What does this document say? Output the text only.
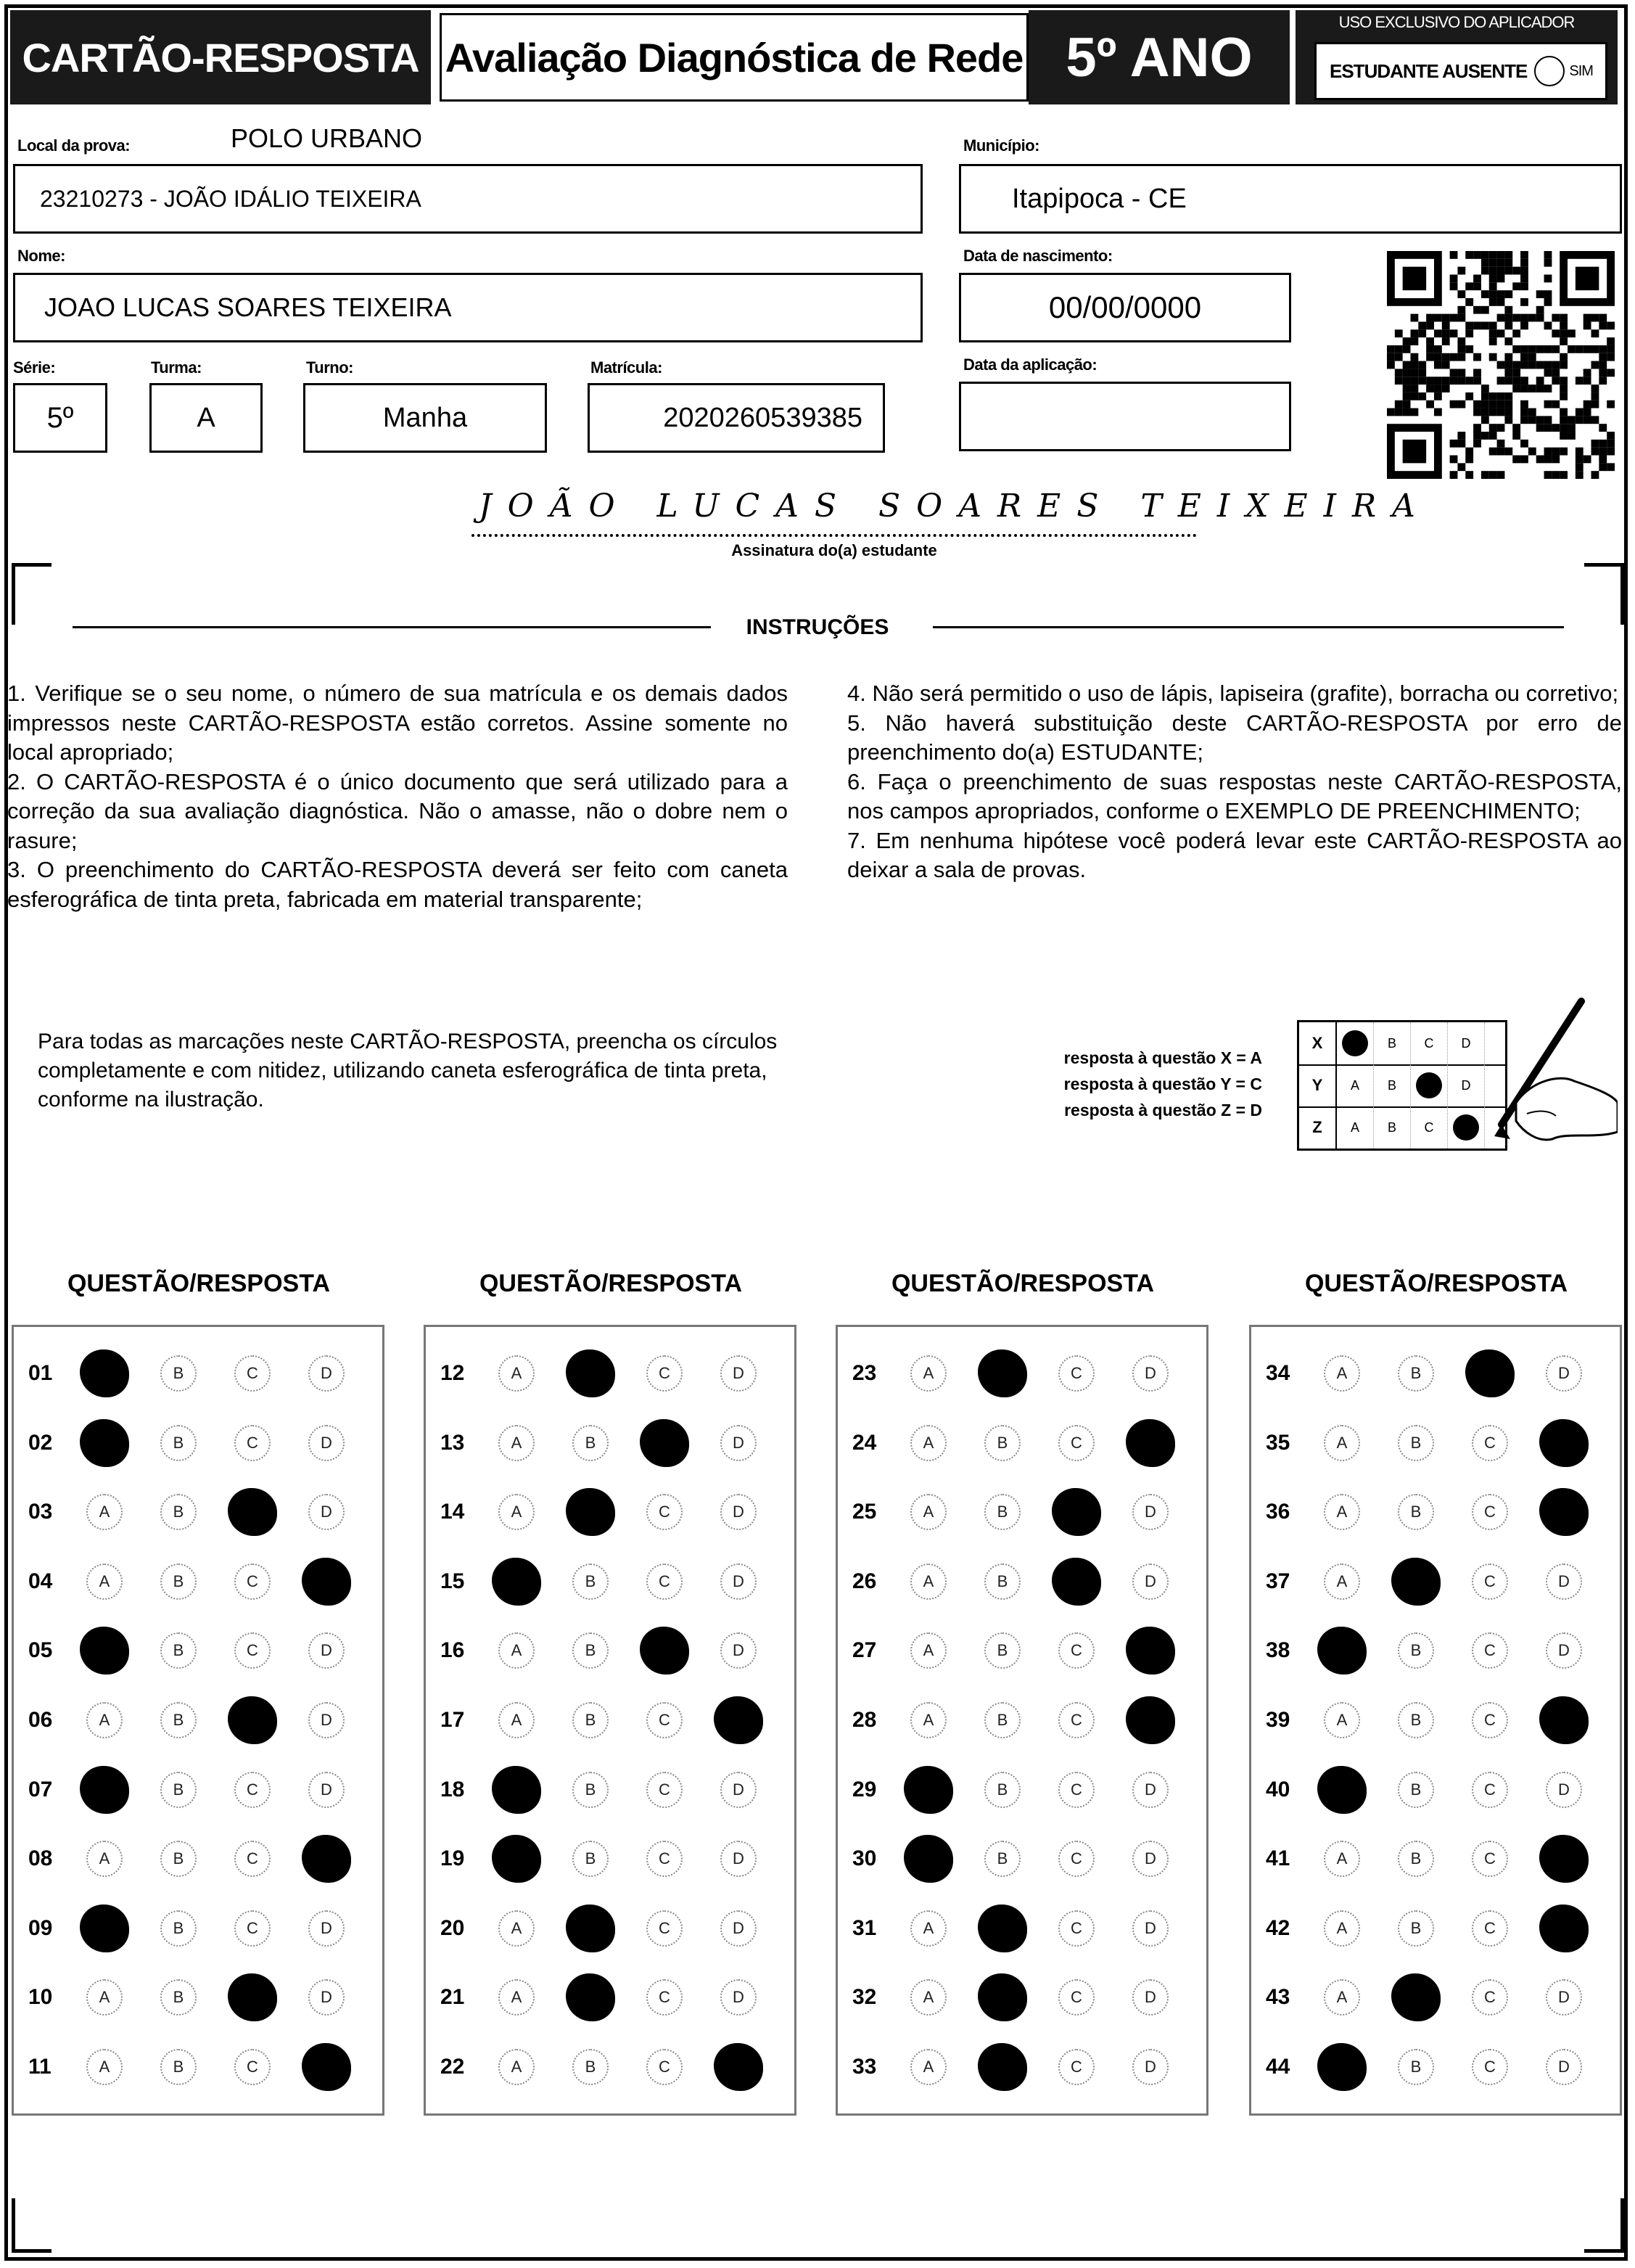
CARTÃO-RESPOSTA Avaliação Diagnóstica de Rede 5º ANO
USO EXCLUSIVO DO APLICADOR
ESTUDANTE AUSENTE	SIM
Local da prova:	POLO URBANO
23210273 - JOÃO IDÁLIO TEIXEIRA
Município:
Itapipoca - CE
Nome:
JOAO LUCAS SOARES TEIXEIRA
Data de nascimento:
00/00/0000
Série:
5º
Turma:
A
Turno:
Manha
Matrícula:
2020260539385
Data da aplicação:
JOÃO LUCAS SOARES TEIXEIRA
Assinatura do(a) estudante
INSTRUÇÕES
1. Verifique se o seu nome, o número de sua matrícula e os demais dados impressos neste CARTÃO-RESPOSTA estão corretos. Assine somente no local apropriado;
2. O CARTÃO-RESPOSTA é o único documento que será utilizado para a correção da sua avaliação diagnóstica. Não o amasse, não o dobre nem o rasure;
3. O preenchimento do CARTÃO-RESPOSTA deverá ser feito com caneta esferográfica de tinta preta, fabricada em material transparente;
4. Não será permitido o uso de lápis, lapiseira (grafite), borracha ou corretivo;
5. Não haverá substituição deste CARTÃO-RESPOSTA por erro de preenchimento do(a) ESTUDANTE;
6. Faça o preenchimento de suas respostas neste CARTÃO-RESPOSTA, nos campos apropriados, conforme o EXEMPLO DE PREENCHIMENTO;
7. Em nenhuma hipótese você poderá levar este CARTÃO-RESPOSTA ao deixar a sala de provas.
Para todas as marcações neste CARTÃO-RESPOSTA, preencha os círculos completamente e com nitidez, utilizando caneta esferográfica de tinta preta, conforme na ilustração.
resposta à questão X = A
resposta à questão Y = C
resposta à questão Z = D
X	B	C	D
Y	A	B	D
Z	A	B	C
QUESTÃO/RESPOSTA
01	B	C	D
02	B	C	D
03	A	B	D
04	A	B	C
05	B	C	D
06	A	B	D
07	B	C	D
08	A	B	C
09	B	C	D
10	A	B	D
11	A	B	C
QUESTÃO/RESPOSTA
12	A	C	D
13	A	B	D
14	A	C	D
15	B	C	D
16	A	B	D
17	A	B	C
18	B	C	D
19	B	C	D
20	A	C	D
21	A	C	D
22	A	B	C
QUESTÃO/RESPOSTA
23	A	C	D
24	A	B	C
25	A	B	D
26	A	B	D
27	A	B	C
28	A	B	C
29	B	C	D
30	B	C	D
31	A	C	D
32	A	C	D
33	A	C	D
QUESTÃO/RESPOSTA
34	A	B	D
35	A	B	C
36	A	B	C
37	A	C	D
38	B	C	D
39	A	B	C
40	B	C	D
41	A	B	C
42	A	B	C
43	A	C	D
44	B	C	D
